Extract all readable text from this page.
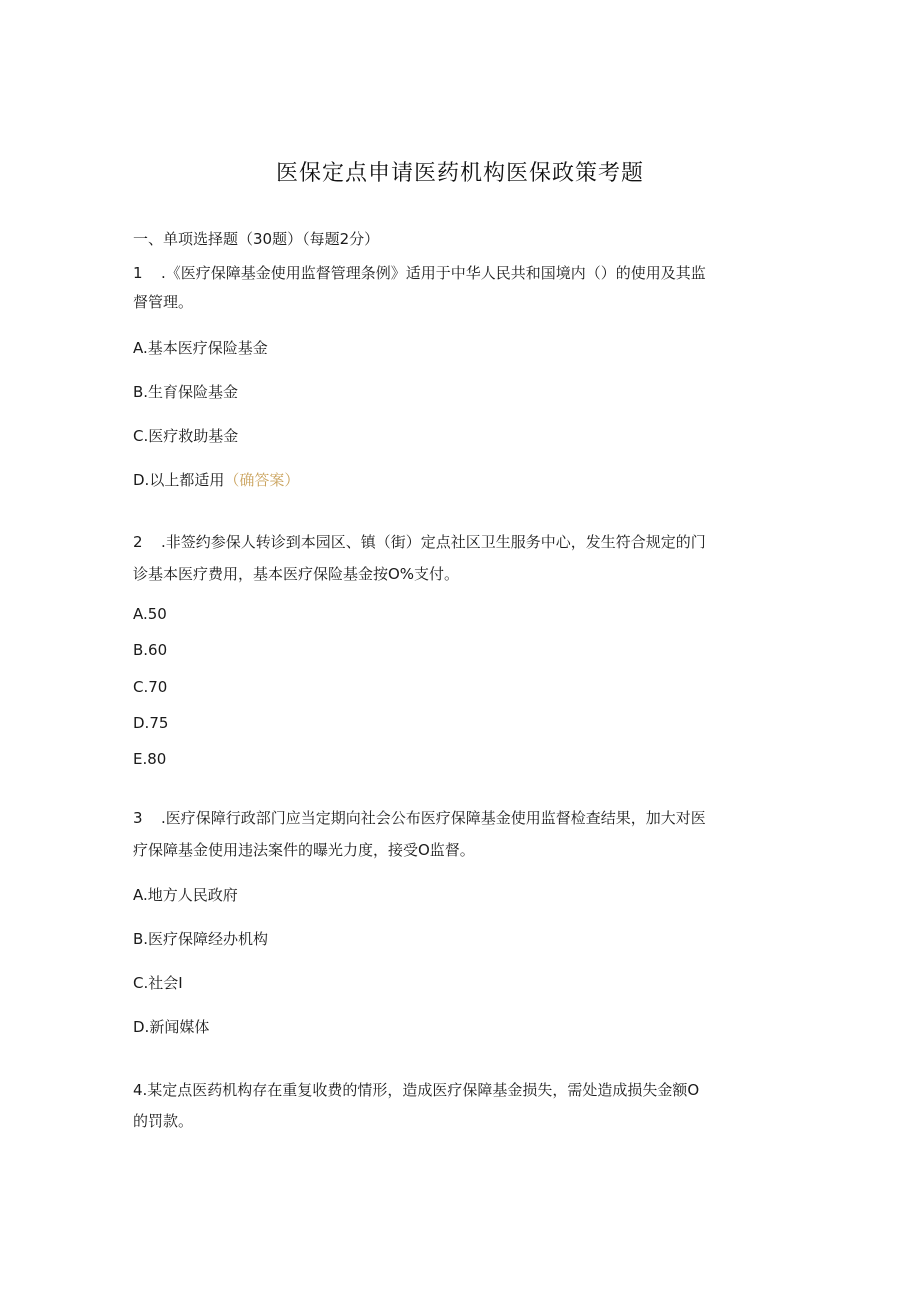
医保定点申请医药机构医保政策考题
一、单项选择题（30题）（每题2分）
1 .《医疗保障基金使用监督管理条例》适用于中华人民共和国境内（）的使用及其监
督管理。
A.基本医疗保险基金
B.生育保险基金
C.医疗救助基金
D.以上都适用（确答案）
2 .非签约参保人转诊到本园区、镇（街）定点社区卫生服务中心，发生符合规定的门
诊基本医疗费用，基本医疗保险基金按O%支付。
A.50
B.60
C.70
D.75
E.80
3 .医疗保障行政部门应当定期向社会公布医疗保障基金使用监督检查结果，加大对医
疗保障基金使用违法案件的曝光力度，接受O监督。
A.地方人民政府
B.医疗保障经办机构
C.社会I
D.新闻媒体
4.某定点医药机构存在重复收费的情形，造成医疗保障基金损失，需处造成损失金额O
的罚款。
